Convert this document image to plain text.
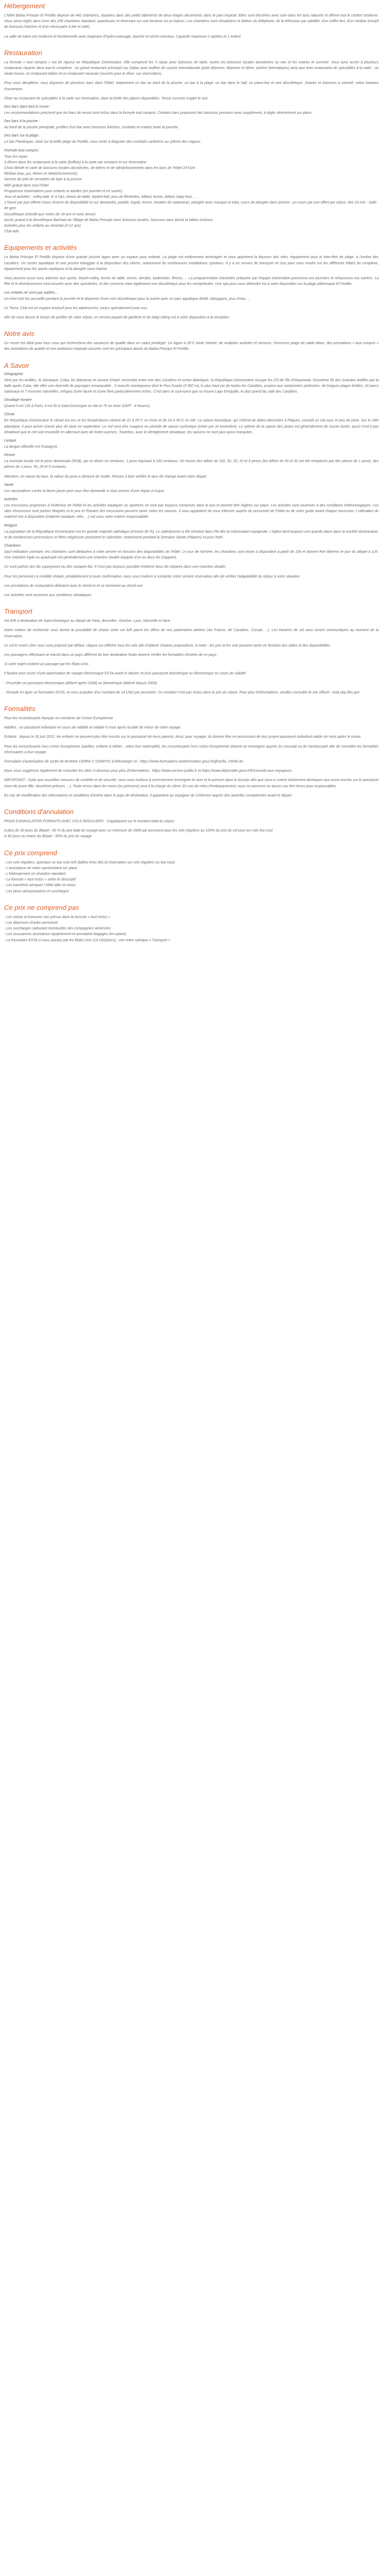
Hébergement

L'hôtel Bahia Principe El Portillo dispose de 442 chambres, réparties dans des petits bâtiments de deux étages disséminés dans le parc tropical. Elles sont décorées avec soin dans les tons naturels et offrent tout le confort moderne. Vous serez logés dans l'une des 256 chambres standard, spacieuses et réservant sur une terrasse ou un balcon. Les chambres sont climatisées et dotées du téléphone, de la télévision par satellite, d'un coffre-fort, d'un minibar (rempli de boissons fraîches et d'un nécessaire à thé et café).

La salle de bains est moderne et fonctionnelle avec baignoire d'hydro-massage, douche et sèche-cheveux. Capacité maximum 2 adultes et 1 enfant.

Restauration

La formule « tout compris » est de rigueur en République Dominicaine. Elle comprend les 3 repas avec boissons de table, toutes les boissons locales alcoolisées ou non et les snacks et sucrerie. Vous avez accès à plusieurs restaurants répartis dans tout le complexe : un grand restaurant principal Las Dalias avec buffets de cuisine internationale (petit déjeuner, déjeuner et dîner, soirées thématiques) ainsi que trois restaurants de spécialités à la carte : un steak-house, un restaurant italien et un restaurant mexicain (ouverts pour le dîner, sur réservation).

Pour vous désaltérer, vous disposez de plusieurs bars dans l'hôtel, notamment un bar au bord de la piscine, un bar à la plage, un bar dans le hall, un piano-bar et une discothèque. Snacks et boissons à volonté, selon horaires d'ouverture.

Dîner au restaurant de spécialités à la carte sur réservation, dans la limite des places disponibles. Tenue correcte exigée le soir.

Des bars dans tout le resort :

Les recommandations précisent que les bars du resort sont inclus dans la formule tout compris. Certains bars proposent des boissons premium avec supplément, à régler directement sur place.

Des bars à la piscine :

Au bord de la piscine principale, profitez d'un bar avec boissons fraîches, cocktails et snacks toute la journée.

Des bars sur la plage :

Le bar Flamboyan, situé sur la belle plage du Portillo, vous invite à déguster des cocktails caribéens au rythme des vagues.

Formule tout compris :
Tous les repas
3 dîners dans les restaurants à la carte (buffets) à la carte par semaine et sur réservation
Choix illimité et varié de boissons locales alcoolisées, de bières et de rafraîchissements dans les bars de l'hôtel 24 h/24
Minibar (eau, jus, bières et rafraîchissements)
Service de prêt de serviettes de bain à la piscine
WiFi gratuit dans tout l'hôtel
Programme d'animations pour enfants et adultes (en journée et en soirée)
Jeux et activités : volley-ball, tir à l'arc, tennis de table, basket-ball, jeux de fléchettes, billard, tennis, billard, baby-foot, ...
1 heure par jour offerte (sous réserve de disponibilité et sur demande), paddle, kayak, tennis, location de catamaran, plongée avec masque et tuba, cours de plongée dans piscine ; un cours par jour offert par séjour, des 10 min - Salle de gym
Discothèque (interdit aux moins de 18 ans et avec tenue)
Accès gratuit à la discothèque Bachata du Village de Bahia Principe avec boissons locales, boissons sans alcool et tables incluses
Activités pour les enfants au miniclub (4-12 ans)
Club Ado
Equipements et activités

Le Bahia Principe El Portillo dispose d'une grande piscine lagon avec un espace pour enfants. La plage est entièrement aménagée et vous apportera la douceur des sites, équipement pour le bien-être de plage, à l'ombre des cocotiers. Un centre aquatique et une piscine toboggan à la disposition des clients, notamment de nombreuses installations sportives. Il y a un service de transport en bus pour vous rendre sur les différents hôtels du complexe, équipement pour les sports nautiques et la plongée sous-marine.

Vous pourrez aussi vous adonner aux sports, beach-volley, tennis de table, tennis, aérobic, badminton, fitness, ... La programmation d'activités préparée par l'équipe d'animation ponctuera vos journées et rehaussera vos soirées. La fête et le divertissement sont assurés avec des spectacles, et des concerts mais également une discothèque pour les noctambules. Une spa pour vous détendre est à votre disposition sur la plage pittoresque El Portillo.

Les enfants ne sont pas oubliés...

Un mini-club les accueille pendant la journée et le dispense d'une mini discothèque pour la soirée avec un parc aquatique dédié, toboggans, jeux d'eau, ...

Le Teens Club est un espace exclusif pour les adolescents, conçu spécialement pour eux.

Afin de vous laisser le temps de profiter de votre séjour, un service payant de garderie et de baby-sitting est à votre disposition à la réception.

Notre avis

Ce resort est idéal pour tous ceux qui recherchent des vacances de qualité dans un cadre privilégié. Un lagon à 28°C toute l'année, de multiples activités et services, l'immense plage de sable blanc, des prestations « tout compris » des animations de qualité et une ambiance tropicale assurée sont les principaux atouts du Bahia Principe El Portillo.

A Savoir
Géographie

Serti par les Antilles, la Jamaïque, Cuba, les Bahamas et voisine d'Haïti, encerclée entre mer des Caraïbes et océan Atlantique, la République Dominicaine occupe les 2/3 de l'île d'Hispaniola. Deuxième île des Grandes Antilles par la taille après Cuba, elle offre une diversité de paysages remarquable : 5 massifs montagneux dont le Pico Duarte (3 087 m), le plus haut pic de toutes les Caraïbes, propice aux randonnées pédestres, de longues plages fertiles, 16 parcs nationaux et 7 réserves naturelles, refuges d'une faune et d'une flore particulièrement riches. C'est dans le sud-ouest que se trouve Lago Enriquillo, le plus grand lac salé des Caraïbes.

Décalage horaire

Quand il est 12h à Paris, il est 6h à Saint-Domingue en été et 7h en hiver (GMT - 4 heures).

Climat

En République Dominicaine le climat est sec et les températures varient de 22 à 25°C en hiver et de 24 à 30°C en été. La saison touristique, qui s'étend de début décembre à Pâques, connaît un ciel azur et peu de pluie. Sur le côté atlantique, il peut arriver d'avoir plus de pluie en septembre. Le ciel sera très nuageux en période de saison cyclonique (entre juin et novembre). Le rythme de la saison des pluies est généralement de courte durée, aussi n'est-il pas inhabituel que le ciel soit ensoleillé en alternant avec de fortes averses. Toutefois, avec le dérèglement climatique, les saisons ne sont plus aussi marquées.

Langue

La langue officielle est l'espagnol.

Devise

La monnaie locale est le peso dominicain (RD$), qui se divise en centavos. 1 peso équivaut à 100 centavos. On trouve des billets de 100, 50, 20, 10 et 5 pesos (les billets de 50 et 20 ont été remplacés par des pièces de 1 peso), des pièces de 1 peso, 50, 25 et 5 centavos.

Attention, en raison du taux, la valeur du peso a diminué de moitié. Pensez à bien vérifier le taux de change avant votre départ.

Santé

Les vaccinations contre la fièvre jaune peut vous être demandé si vous arrivez d'une région à risque.

Activités

Les excursions proposées à l'extérieur de l'hôtel et les activités nautiques ou sportives ne sont pas toujours comprises dans le prix et doivent être réglées sur place. Les activités sont soumises à des conditions météorologiques. Les sites d'excursion sont parfois éloignés et le prix et l'horaire des excursions peuvent varier selon les saisons. Il vous appartient de vous informer auprès du personnel de l'hôtel ou de votre guide avant chaque excursion. L'utilisation du matériel mis à disposition (matériel nautique, vélo, ...) est sous votre entière responsabilité.

Religion

La population de la République Dominicaine est en grande majorité catholique (environ 90 %). Le catholicisme a été introduit dans l'île dès la colonisation espagnole. L'église tient toujours une grande place dans la société dominicaine, et de nombreuses processions et fêtes religieuses ponctuent le calendrier, notamment pendant la Semaine Sainte (Pâques) et pour Noël.

Chambres

Sauf indication contraire, les chambres sont attribuées à votre arrivée en fonction des disponibilités de l'hôtel. Le jour de l'arrivée, les chambres sont mises à disposition à partir de 15h et doivent être libérées le jour du départ à 12h. Une chambre triple ou quadruple est généralement une chambre double équipée d'un ou deux lits d'appoint.

Ce sont parfois des lits superposés ou des canapés-lits. Il n'est pas toujours possible d'obtenir deux lits séparés dans une chambre double.

Pour les personnes à mobilité réduite, préalablement à toute confirmation, nous vous invitons à contacter notre service réservation afin de vérifier l'adaptabilité du séjour à votre situation.

Les prestations de restauration débutent avec le check-in et se terminent au check-out.

Les activités sont soumises aux conditions climatiques.

Transport

Vol A/R à destination de Saint-Domingue au départ de Paris, Bruxelles, Genève, Lyon, Marseille et Nice.

Notre moteur de recherche vous donne la possibilité de choisir votre vol A/R parmi les offres de nos partenaires aériens (Air France, Air Caraïbes, Corsair, ...). Les horaires de vol vous seront communiqués au moment de la réservation.

Le vol le moins cher vous sera proposé par défaut, cliquez sur Afficher tous les vols afin d'obtenir d'autres propositions. A noter : les prix et les vols peuvent varier en fonction des dates et des disponibilités.

Les passagers effectuant un transit dans un pays différent de leur destination finale doivent vérifier les formalités d'entrée de ce pays.

Si votre trajet contient un passage par les États-Unis :

Il faudra vous munir d'une autorisation de voyage électronique ESTA avant le départ, et d'un passeport biométrique ou électronique en cours de validité.

- Posséder un passeport électronique (délivré après 2006) ou biométrique (délivré depuis 2009).

- Remplir en ligne un formulaire ESTA, et vous acquitter d'un montant de 14 USD par personne. Ce montant n'est pas inclus dans le prix du séjour. Pour plus d'informations, veuillez consulter le site officiel : esta.cbp.dhs.gov

Formalités

Pour les ressortissants français ou membres de l'Union Européenne

Adultes : un passeport individuel en cours de validité et valable 6 mois après la date de retour de votre voyage.

Enfants : depuis le 26 juin 2012, les enfants ne peuvent plus être inscrits sur le passeport de leurs parents. Ainsi, pour voyager, ils doivent être en possession de leur propre passeport individuel valide six mois après le retour.

Pour les ressortissants hors Union Européenne (adultes, enfants & bébés : selon leur nationalité), les ressortissants hors Union Européenne doivent se renseigner auprès du consulat ou de l'ambassade afin de connaître les formalités nécessaires à leur voyage.

Formulaire d'autorisation de sortie de territoire CERFA n°15646*01 à télécharger ici : https://www.formulaires.modernisation.gouv.fr/gf/cerfa_15646.do

Nous vous suggérons également de consulter les sites ci-dessous pour plus d'informations : https://www.service-public.fr et https://www.diplomatie.gouv.fr/fr/conseils-aux-voyageurs

IMPORTANT : Suite aux nouvelles mesures de contrôle et de sécurité, nous vous invitons à correctement renseigner le nom et le prénom dans le dossier afin que ceux-ci soient strictement identiques aux noms inscrits sur le passeport (nom de jeune fille, deuxième prénom, ...). Toute erreur dans les noms (ou prénoms) sera à la charge du client. En cas de refus d'embarquement, nous ne pourrons en aucun cas être tenus pour responsables.

En cas de modification des informations et conditions d'entrée dans le pays de destination, il appartient au voyageur de s'informer auprès des autorités compétentes avant le départ.

Conditions d'annulation

FRAIS D'ANNULATION FORFAITS AVEC VOLS REGULIERS : S'appliquent sur le montant total du séjour.

A plus de 30 jours du départ : 50 % du prix total du voyage avec un minimum de 299€ par personne pour les vols réguliers ou 100% du prix du vol pour les vols low cost
A 30 jours ou moins du départ : 95% du prix du voyage
Ce prix comprend
- Les vols réguliers, spéciaux ou low cost A/R (billets émis dès la réservation sur vols réguliers ou low cost)
- L'assistance de notre représentant sur place
- L'hébergement en chambre standard
- La formule « tout inclus » selon le descriptif
- Les transferts aéroport / hôtel aller et retour
- Les taxes aéroportuaires et surcharges
Ce prix ne comprend pas
- Les extras et boissons non prévus dans la formule « tout inclus »
- Les dépenses d'ordre personnel
- Les surcharges carburant éventuelles des compagnies aériennes
- Les assurances assistance-rapatriement et annulation-bagages (en option)
- Le formulaire ESTA si vous passez par les États-Unis (14 USD/pers) ; voir notre rubrique « Transport »
